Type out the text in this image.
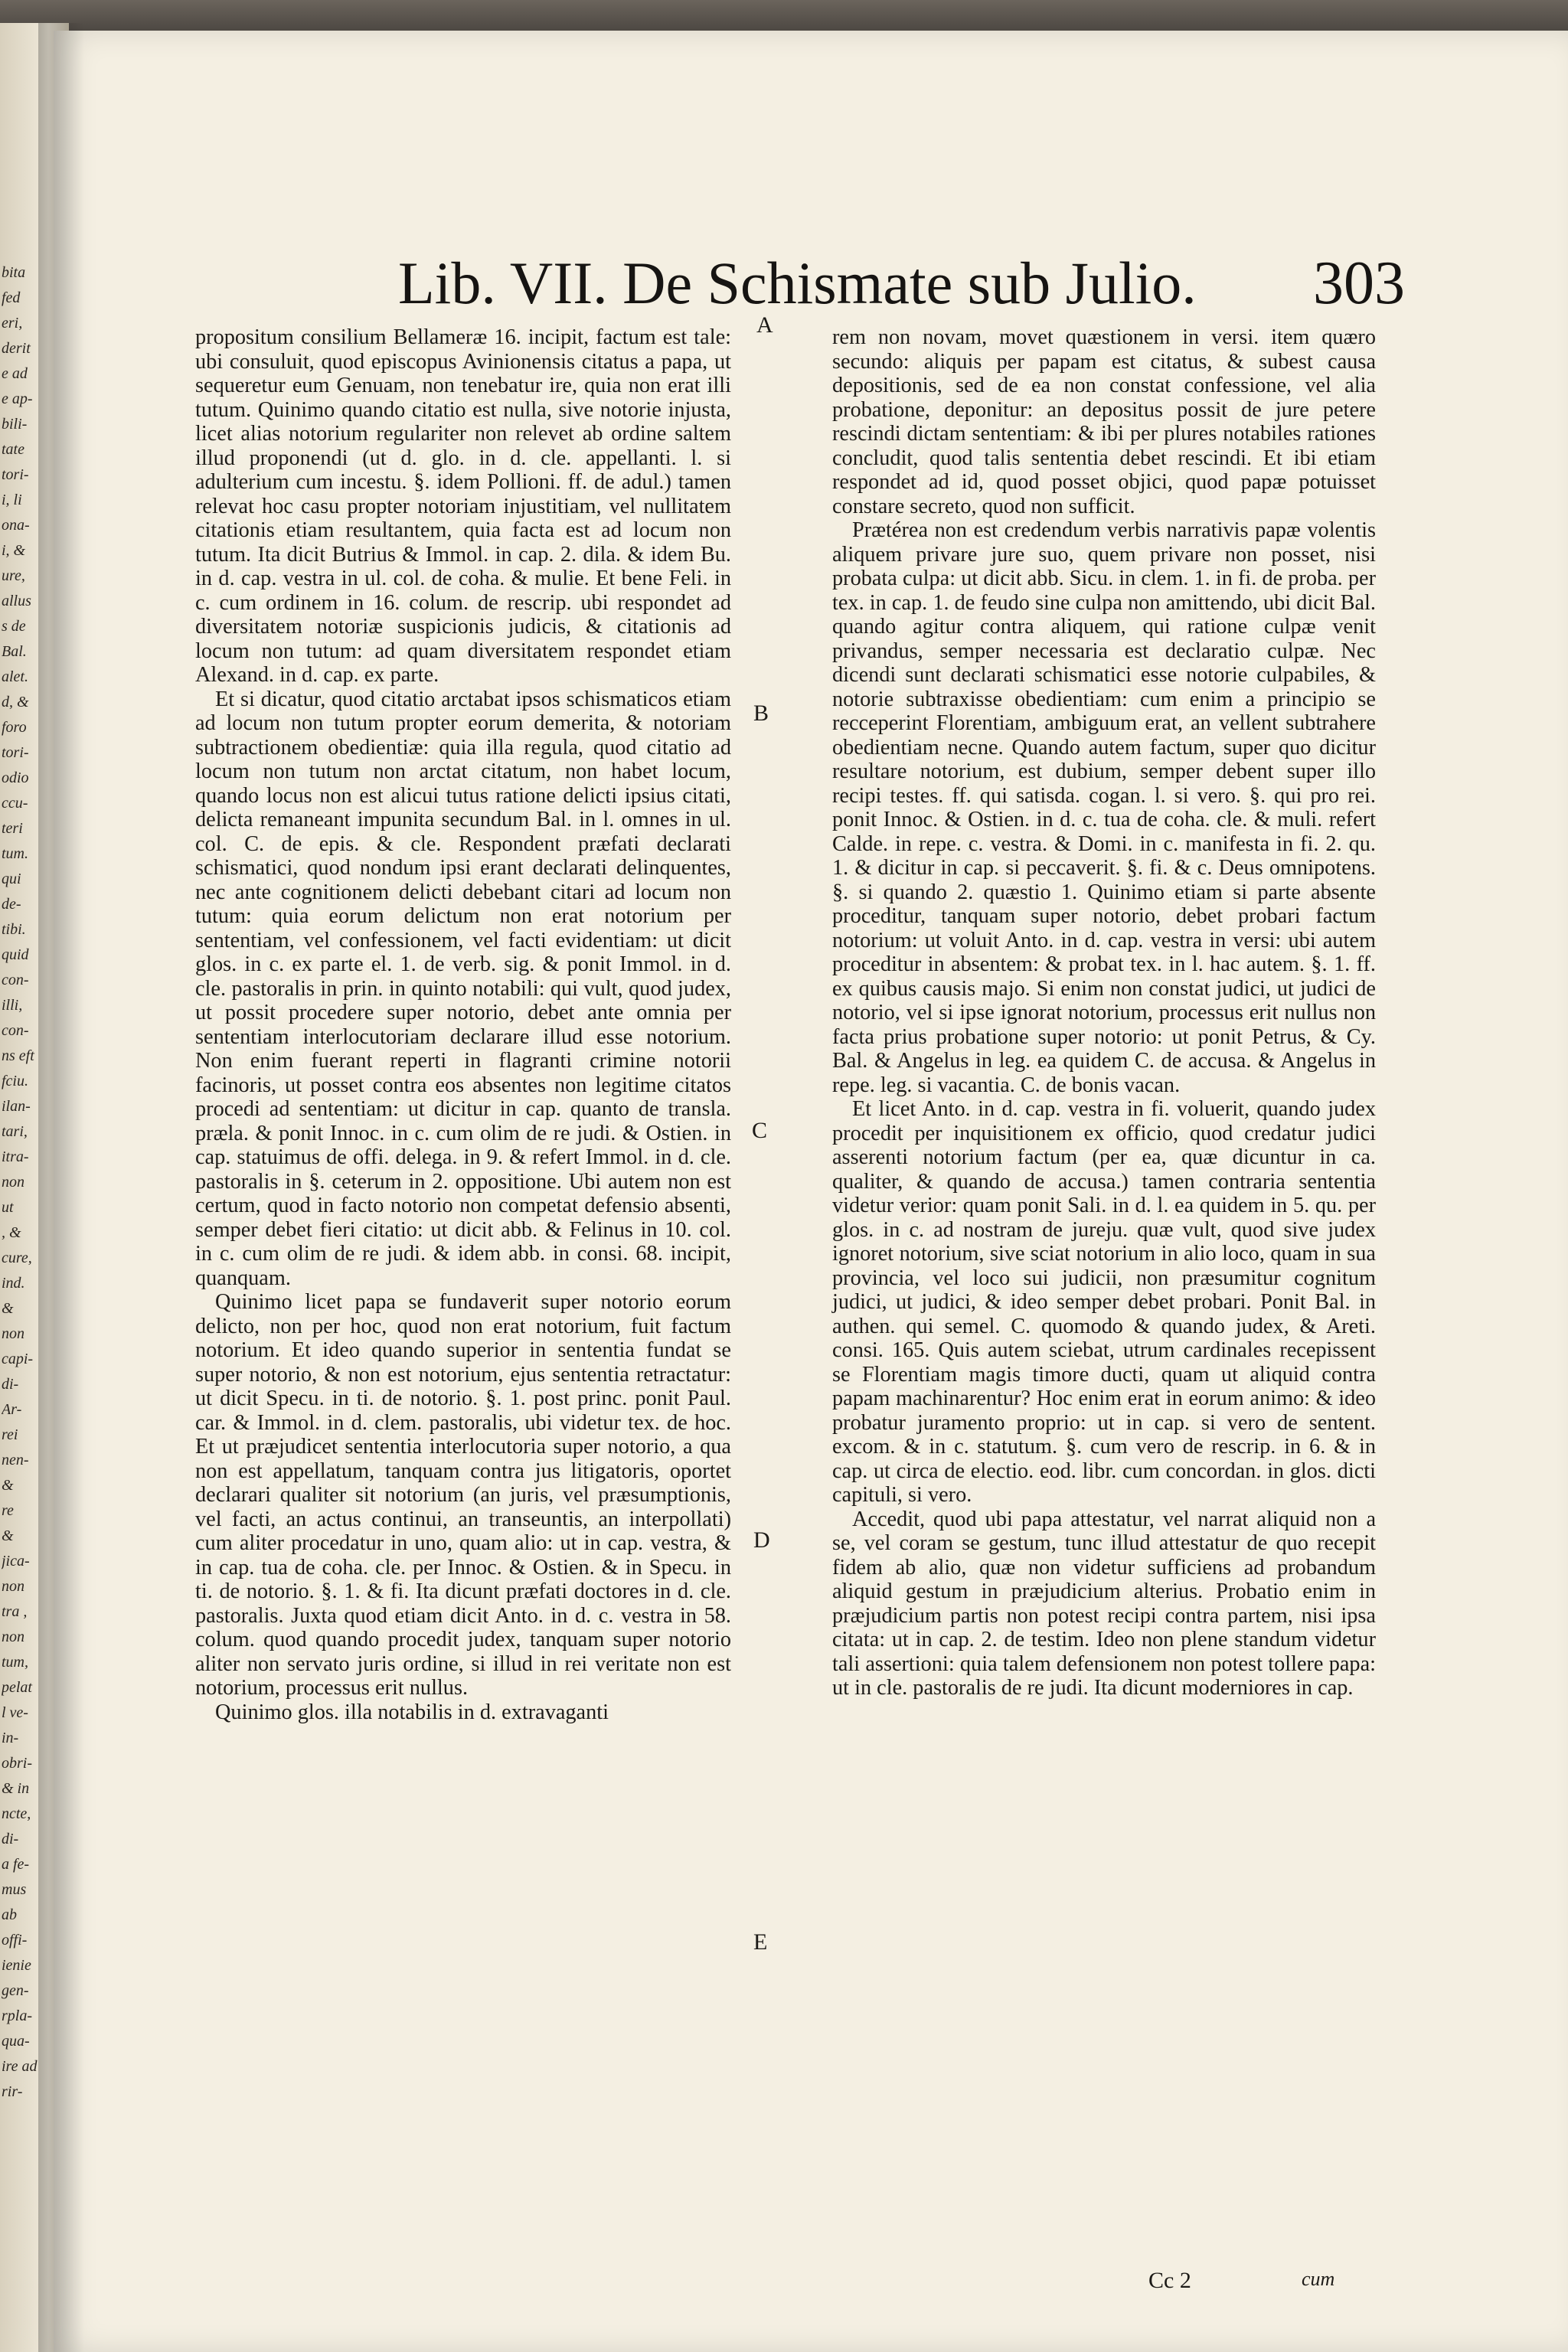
bita
fed
eri,
derit
e ad
e ap-
bili-
tate
tori-
i, li
ona-
i, &
ure,
allus
s de
Bal.
alet.
d, &
foro
tori-
odio
ccu-
teri
tum.
qui
de-
tibi.
quid
con-
illi,
con-
ns eft
fciu.
ilan-
tari,
itra-
non
ut
, &
cure,
ind.
&
non
capi-
di-
Ar-
rei
nen-
&
re
&
jica-
non
tra ,
non
tum,
pelat
l ve-
in-
obri-
& in
ncte,
di-
a fe-
mus
ab
offi-
ienie
gen-
rpla-
qua-
ire ad
rir-
Lib. VII. De Schismate sub Julio. 303

propositum consilium Bellameræ 16. incipit, factum est tale: ubi consuluit, quod episcopus Avinionensis citatus a papa, ut sequeretur eum Genuam, non tenebatur ire, quia non erat illi tutum. Quinimo quando citatio est nulla, sive notorie injusta, licet alias notorium regulariter non relevet ab ordine saltem illud proponendi (ut d. glo. in d. cle. appellanti. l. si adulterium cum incestu. §. idem Pollioni. ff. de adul.) tamen relevat hoc casu propter notoriam injustitiam, vel nullitatem citationis etiam resultantem, quia facta est ad locum non tutum. Ita dicit Butrius & Immol. in cap. 2. dila. & idem Bu. in d. cap. vestra in ul. col. de coha. & mulie. Et bene Feli. in c. cum ordinem in 16. colum. de rescrip. ubi respondet ad diversitatem notoriæ suspicionis judicis, & citationis ad locum non tutum: ad quam diversitatem respondet etiam Alexand. in d. cap. ex parte.

Et si dicatur, quod citatio arctabat ipsos schismaticos etiam ad locum non tutum propter eorum demerita, & notoriam subtractionem obedientiæ: quia illa regula, quod citatio ad locum non tutum non arctat citatum, non habet locum, quando locus non est alicui tutus ratione delicti ipsius citati, delicta remaneant impunita secundum Bal. in l. omnes in ul. col. C. de epis. & cle. Respondent præfati declarati schismatici, quod nondum ipsi erant declarati delinquentes, nec ante cognitionem delicti debebant citari ad locum non tutum: quia eorum delictum non erat notorium per sententiam, vel confessionem, vel facti evidentiam: ut dicit glos. in c. ex parte el. 1. de verb. sig. & ponit Immol. in d. cle. pastoralis in prin. in quinto notabili: qui vult, quod judex, ut possit procedere super notorio, debet ante omnia per sententiam interlocutoriam declarare illud esse notorium. Non enim fuerant reperti in flagranti crimine notorii facinoris, ut posset contra eos absentes non legitime citatos procedi ad sententiam: ut dicitur in cap. quanto de transla. præla. & ponit Innoc. in c. cum olim de re judi. & Ostien. in cap. statuimus de offi. delega. in 9. & refert Immol. in d. cle. pastoralis in §. ceterum in 2. oppositione. Ubi autem non est certum, quod in facto notorio non competat defensio absenti, semper debet fieri citatio: ut dicit abb. & Felinus in 10. col. in c. cum olim de re judi. & idem abb. in consi. 68. incipit, quanquam.

Quinimo licet papa se fundaverit super notorio eorum delicto, non per hoc, quod non erat notorium, fuit factum notorium. Et ideo quando superior in sententia fundat se super notorio, & non est notorium, ejus sententia retractatur: ut dicit Specu. in ti. de notorio. §. 1. post princ. ponit Paul. car. & Immol. in d. clem. pastoralis, ubi videtur tex. de hoc. Et ut præjudicet sententia interlocutoria super notorio, a qua non est appellatum, tanquam contra jus litigatoris, oportet declarari qualiter sit notorium (an juris, vel præsumptionis, vel facti, an actus continui, an transeuntis, an interpollati) cum aliter procedatur in uno, quam alio: ut in cap. vestra, & in cap. tua de coha. cle. per Innoc. & Ostien. & in Specu. in ti. de notorio. §. 1. & fi. Ita dicunt præfati doctores in d. cle. pastoralis. Juxta quod etiam dicit Anto. in d. c. vestra in 58. colum. quod quando procedit judex, tanquam super notorio aliter non servato juris ordine, si illud in rei veritate non est notorium, processus erit nullus.

Quinimo glos. illa notabilis in d. extravaganti

rem non novam, movet quæstionem in versi. item quæro secundo: aliquis per papam est citatus, & subest causa depositionis, sed de ea non constat confessione, vel alia probatione, deponitur: an depositus possit de jure petere rescindi dictam sententiam: & ibi per plures notabiles rationes concludit, quod talis sententia debet rescindi. Et ibi etiam respondet ad id, quod posset objici, quod papæ potuisset constare secreto, quod non sufficit.

Prætérea non est credendum verbis narrativis papæ volentis aliquem privare jure suo, quem privare non posset, nisi probata culpa: ut dicit abb. Sicu. in clem. 1. in fi. de proba. per tex. in cap. 1. de feudo sine culpa non amittendo, ubi dicit Bal. quando agitur contra aliquem, qui ratione culpæ venit privandus, semper necessaria est declaratio culpæ. Nec dicendi sunt declarati schismatici esse notorie culpabiles, & notorie subtraxisse obedientiam: cum enim a principio se recceperint Florentiam, ambiguum erat, an vellent subtrahere obedientiam necne. Quando autem factum, super quo dicitur resultare notorium, est dubium, semper debent super illo recipi testes. ff. qui satisda. cogan. l. si vero. §. qui pro rei. ponit Innoc. & Ostien. in d. c. tua de coha. cle. & muli. refert Calde. in repe. c. vestra. & Domi. in c. manifesta in fi. 2. qu. 1. & dicitur in cap. si peccaverit. §. fi. & c. Deus omnipotens. §. si quando 2. quæstio 1. Quinimo etiam si parte absente proceditur, tanquam super notorio, debet probari factum notorium: ut voluit Anto. in d. cap. vestra in versi: ubi autem proceditur in absentem: & probat tex. in l. hac autem. §. 1. ff. ex quibus causis majo. Si enim non constat judici, ut judici de notorio, vel si ipse ignorat notorium, processus erit nullus non facta prius probatione super notorio: ut ponit Petrus, & Cy. Bal. & Angelus in leg. ea quidem C. de accusa. & Angelus in repe. leg. si vacantia. C. de bonis vacan.

Et licet Anto. in d. cap. vestra in fi. voluerit, quando judex procedit per inquisitionem ex officio, quod credatur judici asserenti notorium factum (per ea, quæ dicuntur in ca. qualiter, & quando de accusa.) tamen contraria sententia videtur verior: quam ponit Sali. in d. l. ea quidem in 5. qu. per glos. in c. ad nostram de jureju. quæ vult, quod sive judex ignoret notorium, sive sciat notorium in alio loco, quam in sua provincia, vel loco sui judicii, non præsumitur cognitum judici, ut judici, & ideo semper debet probari. Ponit Bal. in authen. qui semel. C. quomodo & quando judex, & Areti. consi. 165. Quis autem sciebat, utrum cardinales recepissent se Florentiam magis timore ducti, quam ut aliquid contra papam machinarentur? Hoc enim erat in eorum animo: & ideo probatur juramento proprio: ut in cap. si vero de sentent. excom. & in c. statutum. §. cum vero de rescrip. in 6. & in cap. ut circa de electio. eod. libr. cum concordan. in glos. dicti capituli, si vero.

Accedit, quod ubi papa attestatur, vel narrat aliquid non a se, vel coram se gestum, tunc illud attestatur de quo recepit fidem ab alio, quæ non videtur sufficiens ad probandum aliquid gestum in præjudicium alterius. Probatio enim in præjudicium partis non potest recipi contra partem, nisi ipsa citata: ut in cap. 2. de testim. Ideo non plene standum videtur tali assertioni: quia talem defensionem non potest tollere papa: ut in cle. pastoralis de re judi. Ita dicunt moderniores in cap.

A
B
C
D
E
Cc 2	cum
